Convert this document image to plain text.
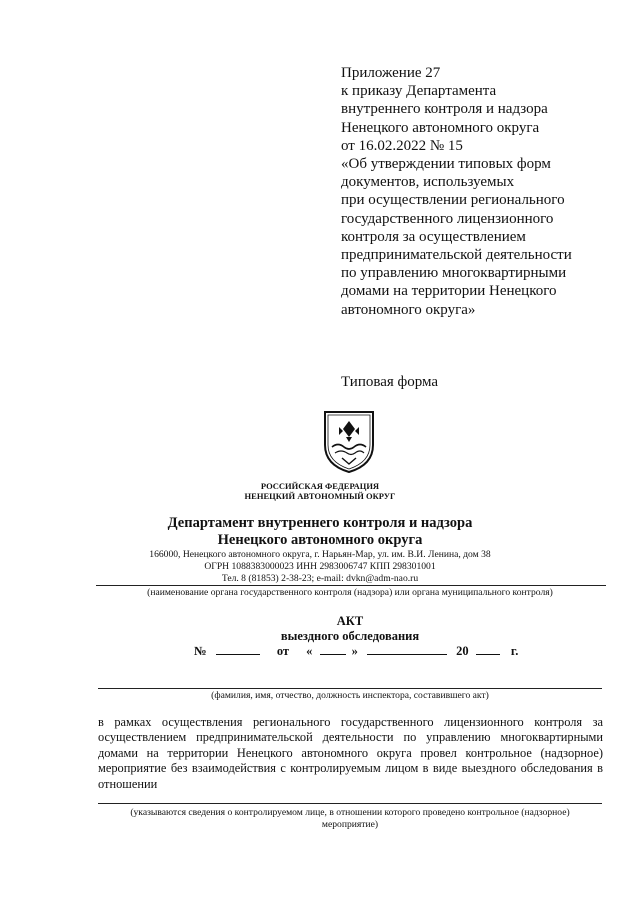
Приложение 27
к приказу Департамента
внутреннего контроля и надзора
Ненецкого автономного округа
от 16.02.2022 № 15
«Об утверждении типовых форм
документов, используемых
при осуществлении регионального
государственного лицензионного
контроля за осуществлением
предпринимательской деятельности
по управлению многоквартирными
домами на территории Ненецкого
автономного округа»
Типовая форма
РОССИЙСКАЯ ФЕДЕРАЦИЯ
НЕНЕЦКИЙ АВТОНОМНЫЙ ОКРУГ
Департамент внутреннего контроля и надзора
Ненецкого автономного округа
166000, Ненецкого автономного округа, г. Нарьян-Мар, ул. им. В.И. Ленина, дом 38
ОГРН 1088383000023 ИНН 2983006747 КПП 298301001
Тел. 8 (81853) 2-38-23; e-mail: dvkn@adm-nao.ru
(наименование органа государственного контроля (надзора) или органа муниципального контроля)
АКТ
выездного обследования
№	от «	»	20	г.
(фамилия, имя, отчество, должность инспектора, составившего акт)
в рамках осуществления регионального государственного лицензионного контроля за осуществлением предпринимательской деятельности по управлению многоквартирными домами на территории Ненецкого автономного округа провел контрольное (надзорное) мероприятие без взаимодействия с контролируемым лицом в виде выездного обследования в отношении
(указываются сведения о контролируемом лице, в отношении которого проведено контрольное (надзорное)
мероприятие)
